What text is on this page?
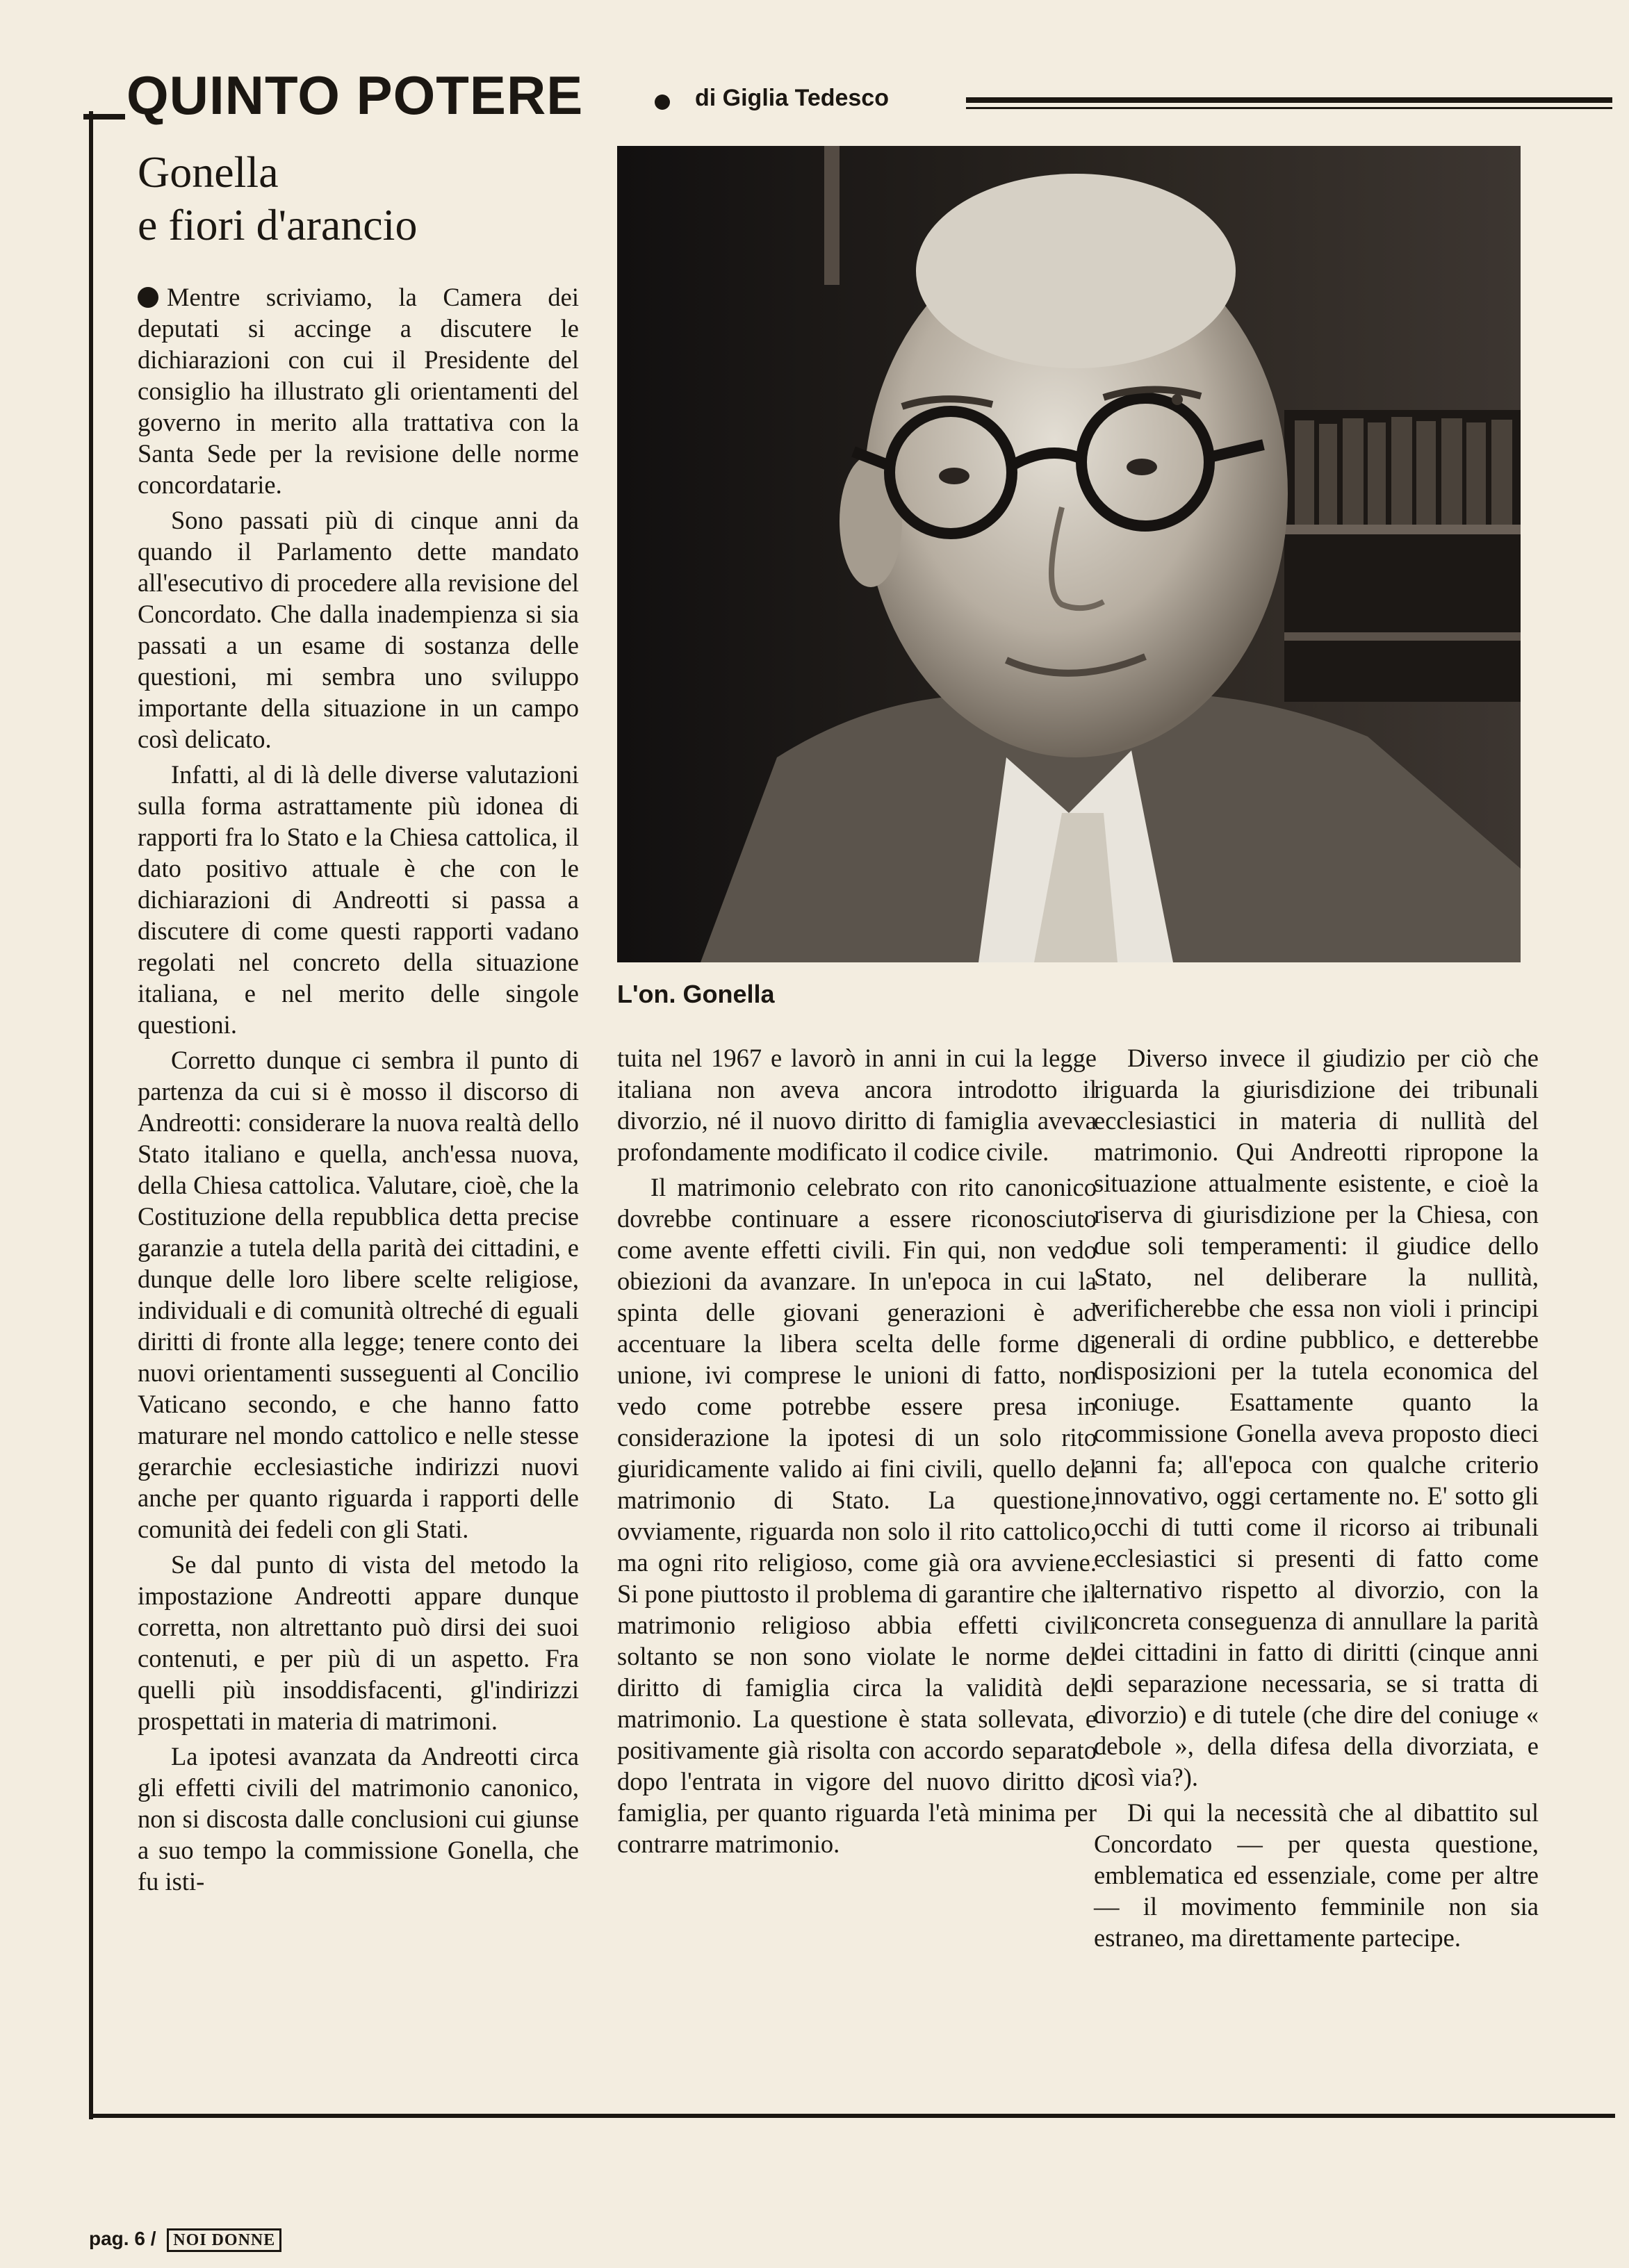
QUINTO POTERE	di Giglia Tedesco
Gonella
e fiori d'arancio

Mentre scriviamo, la Camera dei deputati si accinge a discutere le dichiarazioni con cui il Presidente del consiglio ha illustrato gli orientamenti del governo in merito alla trattativa con la Santa Sede per la revisione delle norme concordatarie.

Sono passati più di cinque anni da quando il Parlamento dette mandato all'esecutivo di procedere alla revisione del Concordato. Che dalla inadempienza si sia passati a un esame di sostanza delle questioni, mi sembra uno sviluppo importante della situazione in un campo così delicato.

Infatti, al di là delle diverse valutazioni sulla forma astrattamente più idonea di rapporti fra lo Stato e la Chiesa cattolica, il dato positivo attuale è che con le dichiarazioni di Andreotti si passa a discutere di come questi rapporti vadano regolati nel concreto della situazione italiana, e nel merito delle singole questioni.

Corretto dunque ci sembra il punto di partenza da cui si è mosso il discorso di Andreotti: considerare la nuova realtà dello Stato italiano e quella, anch'essa nuova, della Chiesa cattolica. Valutare, cioè, che la Costituzione della repubblica detta precise garanzie a tutela della parità dei cittadini, e dunque delle loro libere scelte religiose, individuali e di comunità oltreché di eguali diritti di fronte alla legge; tenere conto dei nuovi orientamenti susseguenti al Concilio Vaticano secondo, e che hanno fatto maturare nel mondo cattolico e nelle stesse gerarchie ecclesiastiche indirizzi nuovi anche per quanto riguarda i rapporti delle comunità dei fedeli con gli Stati.

Se dal punto di vista del metodo la impostazione Andreotti appare dunque corretta, non altrettanto può dirsi dei suoi contenuti, e per più di un aspetto. Fra quelli più insoddisfacenti, gl'indirizzi prospettati in materia di matrimoni.

La ipotesi avanzata da Andreotti circa gli effetti civili del matrimonio canonico, non si discosta dalle conclusioni cui giunse a suo tempo la commissione Gonella, che fu isti-

L'on. Gonella

tuita nel 1967 e lavorò in anni in cui la legge italiana non aveva ancora introdotto il divorzio, né il nuovo diritto di famiglia aveva profondamente modificato il codice civile.

Il matrimonio celebrato con rito canonico dovrebbe continuare a essere riconosciuto come avente effetti civili. Fin qui, non vedo obiezioni da avanzare. In un'epoca in cui la spinta delle giovani generazioni è ad accentuare la libera scelta delle forme di unione, ivi comprese le unioni di fatto, non vedo come potrebbe essere presa in considerazione la ipotesi di un solo rito giuridicamente valido ai fini civili, quello del matrimonio di Stato. La questione, ovviamente, riguarda non solo il rito cattolico, ma ogni rito religioso, come già ora avviene. Si pone piuttosto il problema di garantire che il matrimonio religioso abbia effetti civili soltanto se non sono violate le norme del diritto di famiglia circa la validità del matrimonio. La questione è stata sollevata, e positivamente già risolta con accordo separato dopo l'entrata in vigore del nuovo diritto di famiglia, per quanto riguarda l'età minima per contrarre matrimonio.

Diverso invece il giudizio per ciò che riguarda la giurisdizione dei tribunali ecclesiastici in materia di nullità del matrimonio. Qui Andreotti ripropone la situazione attualmente esistente, e cioè la riserva di giurisdizione per la Chiesa, con due soli temperamenti: il giudice dello Stato, nel deliberare la nullità, verificherebbe che essa non violi i principi generali di ordine pubblico, e detterebbe disposizioni per la tutela economica del coniuge. Esattamente quanto la commissione Gonella aveva proposto dieci anni fa; all'epoca con qualche criterio innovativo, oggi certamente no. E' sotto gli occhi di tutti come il ricorso ai tribunali ecclesiastici si presenti di fatto come alternativo rispetto al divorzio, con la concreta conseguenza di annullare la parità dei cittadini in fatto di diritti (cinque anni di separazione necessaria, se si tratta di divorzio) e di tutele (che dire del coniuge « debole », della difesa della divorziata, e così via?).

Di qui la necessità che al dibattito sul Concordato — per questa questione, emblematica ed essenziale, come per altre — il movimento femminile non sia estraneo, ma direttamente partecipe.

pag. 6 / NOI DONNE
